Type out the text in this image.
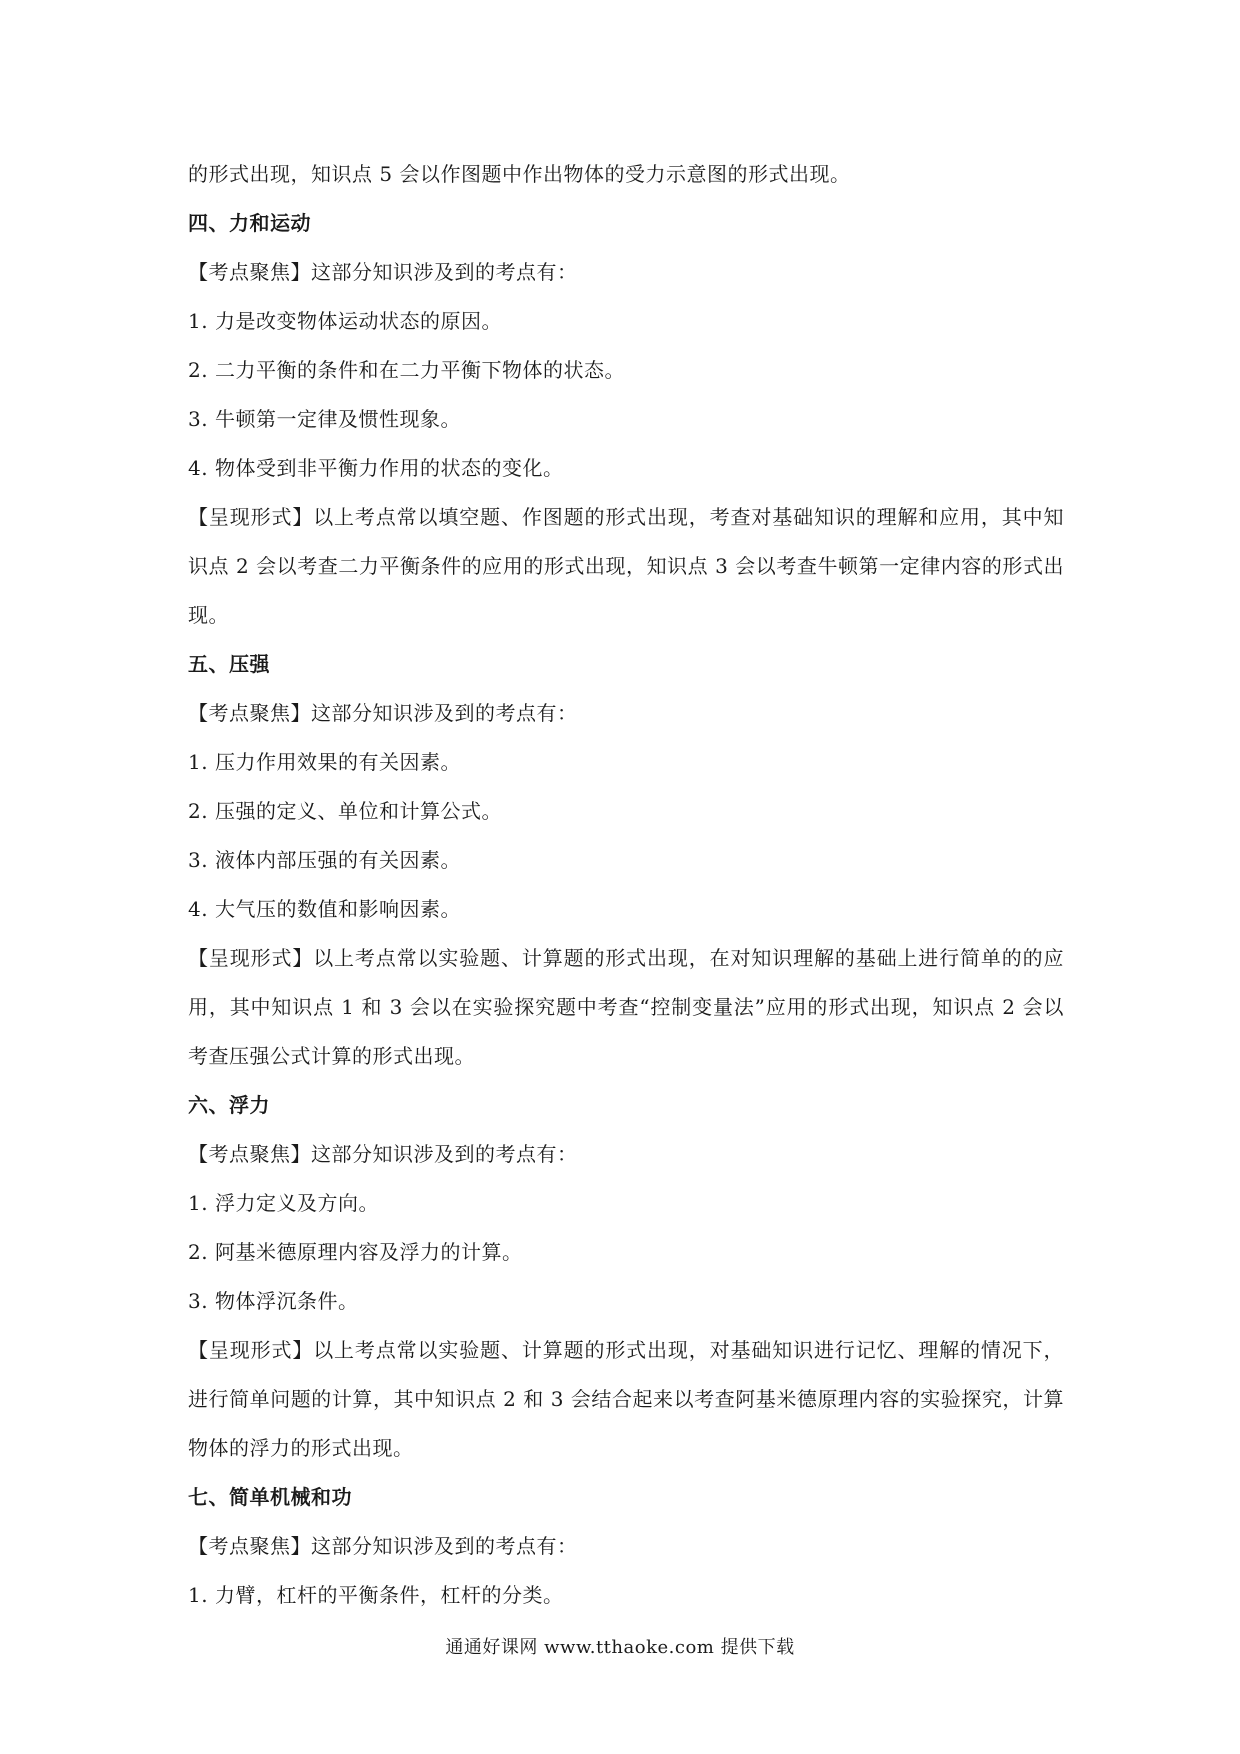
的形式出现，知识点 5 会以作图题中作出物体的受力示意图的形式出现。

四、力和运动

【考点聚焦】这部分知识涉及到的考点有：

1. 力是改变物体运动状态的原因。

2. 二力平衡的条件和在二力平衡下物体的状态。

3. 牛顿第一定律及惯性现象。

4. 物体受到非平衡力作用的状态的变化。

【呈现形式】以上考点常以填空题、作图题的形式出现，考查对基础知识的理解和应用，其中知识点 2 会以考查二力平衡条件的应用的形式出现，知识点 3 会以考查牛顿第一定律内容的形式出现。

五、压强

【考点聚焦】这部分知识涉及到的考点有：

1. 压力作用效果的有关因素。

2. 压强的定义、单位和计算公式。

3. 液体内部压强的有关因素。

4. 大气压的数值和影响因素。

【呈现形式】以上考点常以实验题、计算题的形式出现，在对知识理解的基础上进行简单的的应用，其中知识点 1 和 3 会以在实验探究题中考查“控制变量法”应用的形式出现，知识点 2 会以考查压强公式计算的形式出现。

六、浮力

【考点聚焦】这部分知识涉及到的考点有：

1. 浮力定义及方向。

2. 阿基米德原理内容及浮力的计算。

3. 物体浮沉条件。

【呈现形式】以上考点常以实验题、计算题的形式出现，对基础知识进行记忆、理解的情况下，进行简单问题的计算，其中知识点 2 和 3 会结合起来以考查阿基米德原理内容的实验探究，计算物体的浮力的形式出现。

七、简单机械和功

【考点聚焦】这部分知识涉及到的考点有：

1. 力臂，杠杆的平衡条件，杠杆的分类。

通通好课网 www.tthaoke.com 提供下载
